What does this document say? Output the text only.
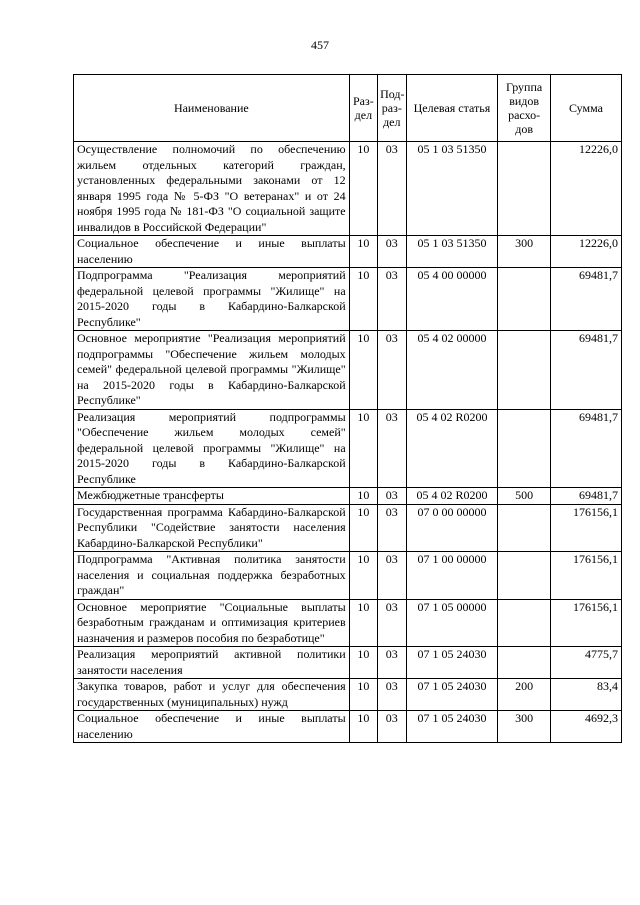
457
Наименование	Раз-дел	Под-раз-дел	Целевая статья	Группа видов расхо-дов	Сумма
Осуществление полномочий по обеспечению жильем отдельных категорий граждан, установленных федеральными законами от 12 января 1995 года № 5-ФЗ "О ветеранах" и от 24 ноября 1995 года № 181-ФЗ "О социальной защите инвалидов в Российской Федерации"	10	03	05 1 03 51350		12226,0
Социальное обеспечение и иные выплаты населению	10	03	05 1 03 51350	300	12226,0
Подпрограмма "Реализация мероприятий федеральной целевой программы "Жилище" на 2015-2020 годы в Кабардино-Балкарской Республике"	10	03	05 4 00 00000		69481,7
Основное мероприятие "Реализация мероприятий подпрограммы "Обеспечение жильем молодых семей" федеральной целевой программы "Жилище" на 2015-2020 годы в Кабардино-Балкарской Республике"	10	03	05 4 02 00000		69481,7
Реализация мероприятий подпрограммы "Обеспечение жильем молодых семей" федеральной целевой программы "Жилище" на 2015-2020 годы в Кабардино-Балкарской Республике	10	03	05 4 02 R0200		69481,7
Межбюджетные трансферты	10	03	05 4 02 R0200	500	69481,7
Государственная программа Кабардино-Балкарской Республики "Содействие занятости населения Кабардино-Балкарской Республики"	10	03	07 0 00 00000		176156,1
Подпрограмма "Активная политика занятости населения и социальная поддержка безработных граждан"	10	03	07 1 00 00000		176156,1
Основное мероприятие "Социальные выплаты безработным гражданам и оптимизация критериев назначения и размеров пособия по безработице"	10	03	07 1 05 00000		176156,1
Реализация мероприятий активной политики занятости населения	10	03	07 1 05 24030		4775,7
Закупка товаров, работ и услуг для обеспечения государственных (муниципальных) нужд	10	03	07 1 05 24030	200	83,4
Социальное обеспечение и иные выплаты населению	10	03	07 1 05 24030	300	4692,3
